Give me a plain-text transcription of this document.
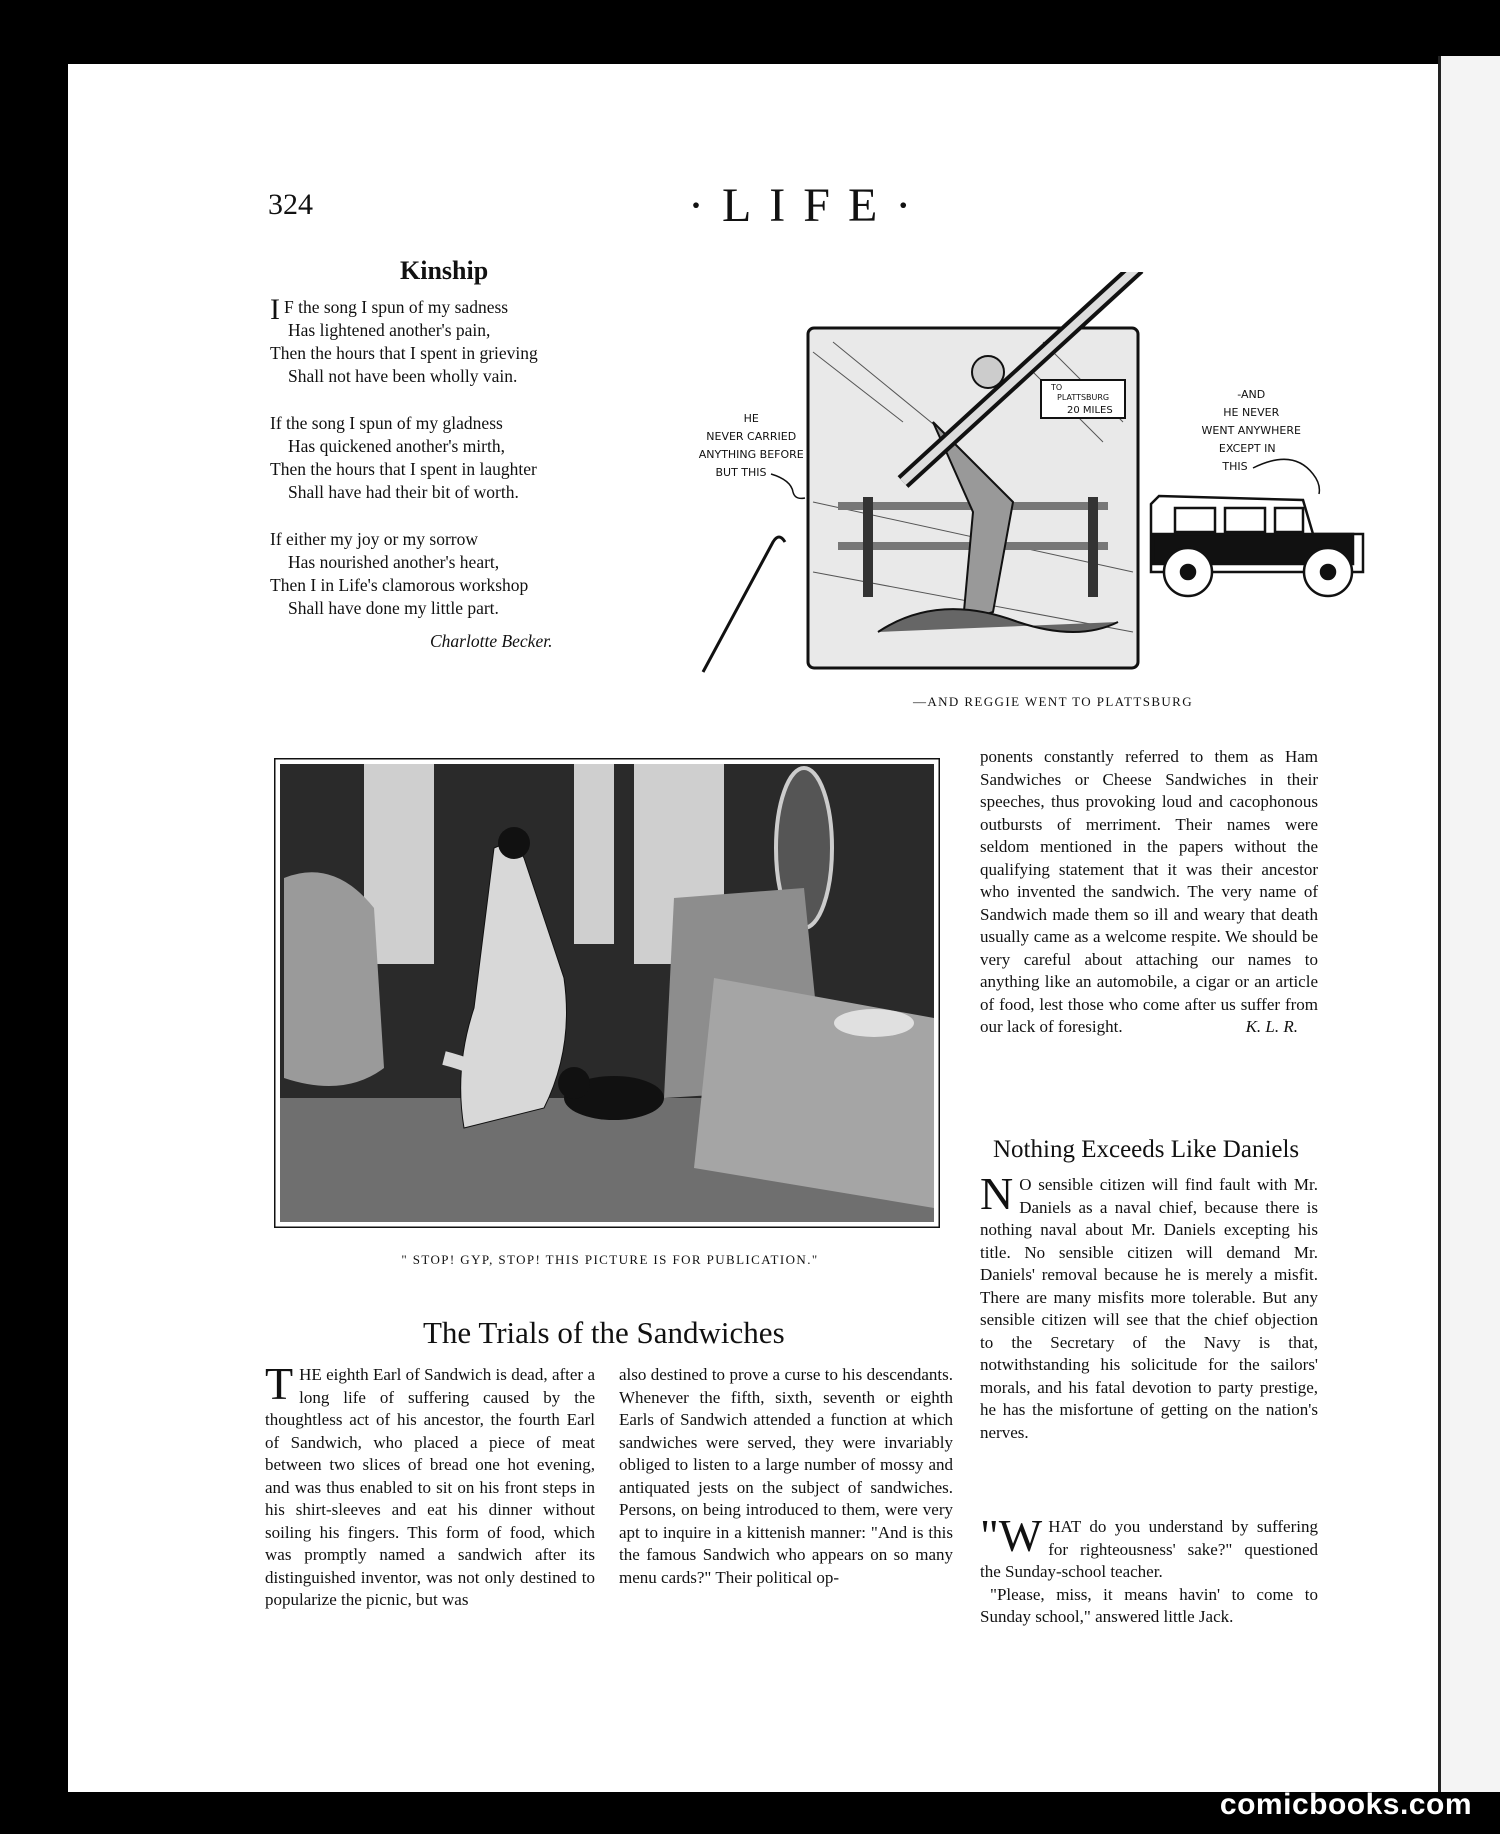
324	·LIFE·
Kinship
I F the song I spun of my sadness
Has lightened another's pain,
Then the hours that I spent in grieving
Shall not have been wholly vain.
If the song I spun of my gladness
Has quickened another's mirth,
Then the hours that I spent in laughter
Shall have had their bit of worth.
If either my joy or my sorrow
Has nourished another's heart,
Then I in Life's clamorous workshop
Shall have done my little part.
Charlotte Becker.
HE NEVER CARRIED ANYTHING BEFORE BUT THIS
TO PLATTSBURG 20 MILES
-AND HE NEVER WENT ANYWHERE EXCEPT IN THIS
—AND REGGIE WENT TO PLATTSBURG
" STOP! GYP, STOP! THIS PICTURE IS FOR PUBLICATION."
The Trials of the Sandwiches
THE eighth Earl of Sandwich is dead, after a long life of suffering caused by the thoughtless act of his ancestor, the fourth Earl of Sandwich, who placed a piece of meat between two slices of bread one hot evening, and was thus enabled to sit on his front steps in his shirt-sleeves and eat his dinner without soiling his fingers. This form of food, which was promptly named a sandwich after its distinguished inventor, was not only destined to popularize the picnic, but was
also destined to prove a curse to his descendants. Whenever the fifth, sixth, seventh or eighth Earls of Sandwich attended a function at which sandwiches were served, they were invariably obliged to listen to a large number of mossy and antiquated jests on the subject of sandwiches. Persons, on being introduced to them, were very apt to inquire in a kittenish manner: "And is this the famous Sandwich who appears on so many menu cards?" Their political op-
ponents constantly referred to them as Ham Sandwiches or Cheese Sandwiches in their speeches, thus provoking loud and cacophonous outbursts of merriment. Their names were seldom mentioned in the papers without the qualifying statement that it was their ancestor who invented the sandwich. The very name of Sandwich made them so ill and weary that death usually came as a welcome respite. We should be very careful about attaching our names to anything like an automobile, a cigar or an article of food, lest those who come after us suffer from our lack of foresight.	K. L. R.
Nothing Exceeds Like Daniels
N O sensible citizen will find fault with Mr. Daniels as a naval chief, because there is nothing naval about Mr. Daniels excepting his title. No sensible citizen will demand Mr. Daniels' removal because he is merely a misfit. There are many misfits more tolerable. But any sensible citizen will see that the chief objection to the Secretary of the Navy is that, notwithstanding his solicitude for the sailors' morals, and his fatal devotion to party prestige, he has the misfortune of getting on the nation's nerves.
"W HAT do you understand by suffering for righteousness' sake?" questioned the Sunday-school teacher.
"Please, miss, it means havin' to come to Sunday school," answered little Jack.
comicbooks.com
